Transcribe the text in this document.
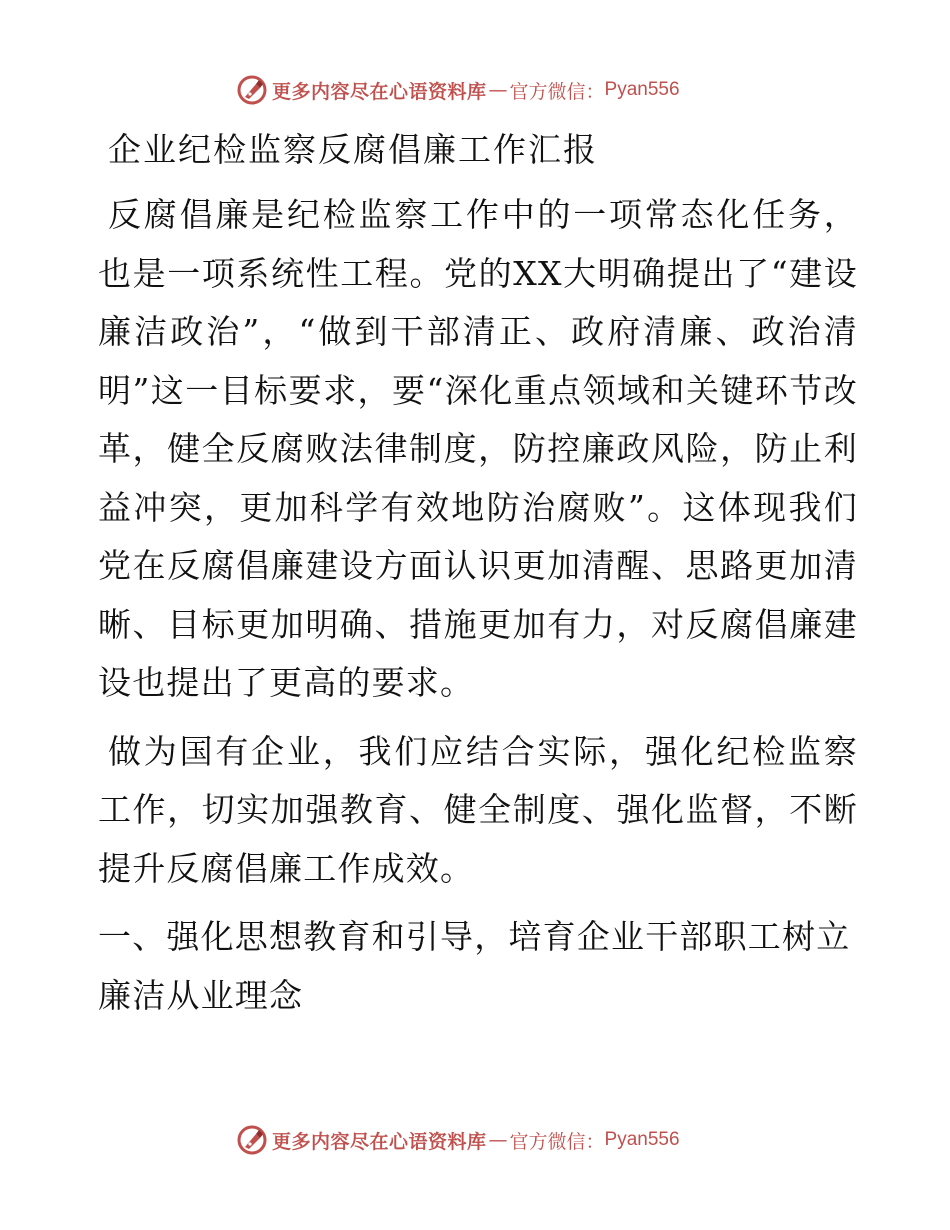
更多内容尽在心语资料库 — 官方微信： Pyan556
企业纪检监察反腐倡廉工作汇报

反腐倡廉是纪检监察工作中的一项常态化任务，也是一项系统性工程。党的XX大明确提出了“建设廉洁政治”，“做到干部清正、政府清廉、政治清明”这一目标要求，要“深化重点领域和关键环节改革，健全反腐败法律制度，防控廉政风险，防止利益冲突，更加科学有效地防治腐败”。这体现我们党在反腐倡廉建设方面认识更加清醒、思路更加清晰、目标更加明确、措施更加有力，对反腐倡廉建设也提出了更高的要求。

做为国有企业，我们应结合实际，强化纪检监察工作，切实加强教育、健全制度、强化监督，不断提升反腐倡廉工作成效。

一、强化思想教育和引导，培育企业干部职工树立廉洁从业理念

更多内容尽在心语资料库 — 官方微信： Pyan556
